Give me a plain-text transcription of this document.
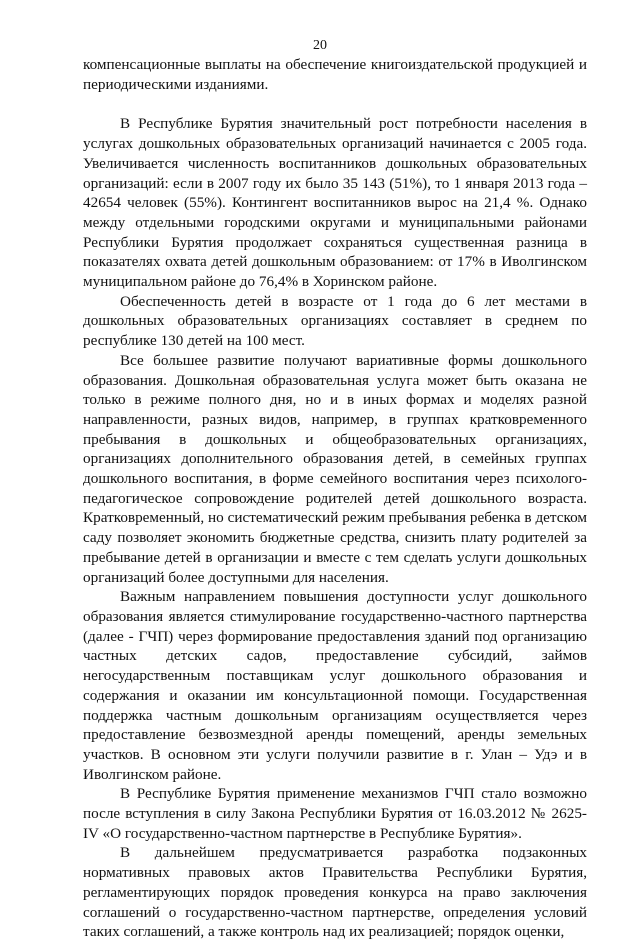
20

компенсационные выплаты на обеспечение книгоиздательской продукцией и периодическими изданиями.

В Республике Бурятия значительный рост потребности населения в услугах дошкольных образовательных организаций начинается с 2005 года. Увеличивается численность воспитанников дошкольных образовательных организаций: если в 2007 году их было 35 143 (51%), то 1 января 2013 года – 42654 человек (55%). Контингент воспитанников вырос на 21,4 %. Однако между отдельными городскими округами и муниципальными районами Республики Бурятия продолжает сохраняться существенная разница в показателях охвата детей дошкольным образованием: от 17% в Иволгинском муниципальном районе до 76,4% в Хоринском районе.

Обеспеченность детей в возрасте от 1 года до 6 лет местами в дошкольных образовательных организациях составляет в среднем по республике 130 детей на 100 мест.

Все большее развитие получают вариативные формы дошкольного образования. Дошкольная образовательная услуга может быть оказана не только в режиме полного дня, но и в иных формах и моделях разной направленности, разных видов, например, в группах кратковременного пребывания в дошкольных и общеобразовательных организациях, организациях дополнительного образования детей, в семейных группах дошкольного воспитания, в форме семейного воспитания через психолого-педагогическое сопровождение родителей детей дошкольного возраста. Кратковременный, но систематический режим пребывания ребенка в детском саду позволяет экономить бюджетные средства, снизить плату родителей за пребывание детей в организации и вместе с тем сделать услуги дошкольных организаций более доступными для населения.

Важным направлением повышения доступности услуг дошкольного образования является стимулирование государственно-частного партнерства (далее - ГЧП) через формирование предоставления зданий под организацию частных детских садов, предоставление субсидий, займов негосударственным поставщикам услуг дошкольного образования и содержания и оказании им консультационной помощи. Государственная поддержка частным дошкольным организациям осуществляется через предоставление безвозмездной аренды помещений, аренды земельных участков. В основном эти услуги получили развитие в г. Улан – Удэ и в Иволгинском районе.

В Республике Бурятия применение механизмов ГЧП стало возможно после вступления в силу Закона Республики Бурятия от 16.03.2012 № 2625-IV «О государственно-частном партнерстве в Республике Бурятия».

В дальнейшем предусматривается разработка подзаконных нормативных правовых актов Правительства Республики Бурятия, регламентирующих порядок проведения конкурса на право заключения соглашений о государственно-частном партнерстве, определения условий таких соглашений, а также контроль над их реализацией; порядок оценки,
